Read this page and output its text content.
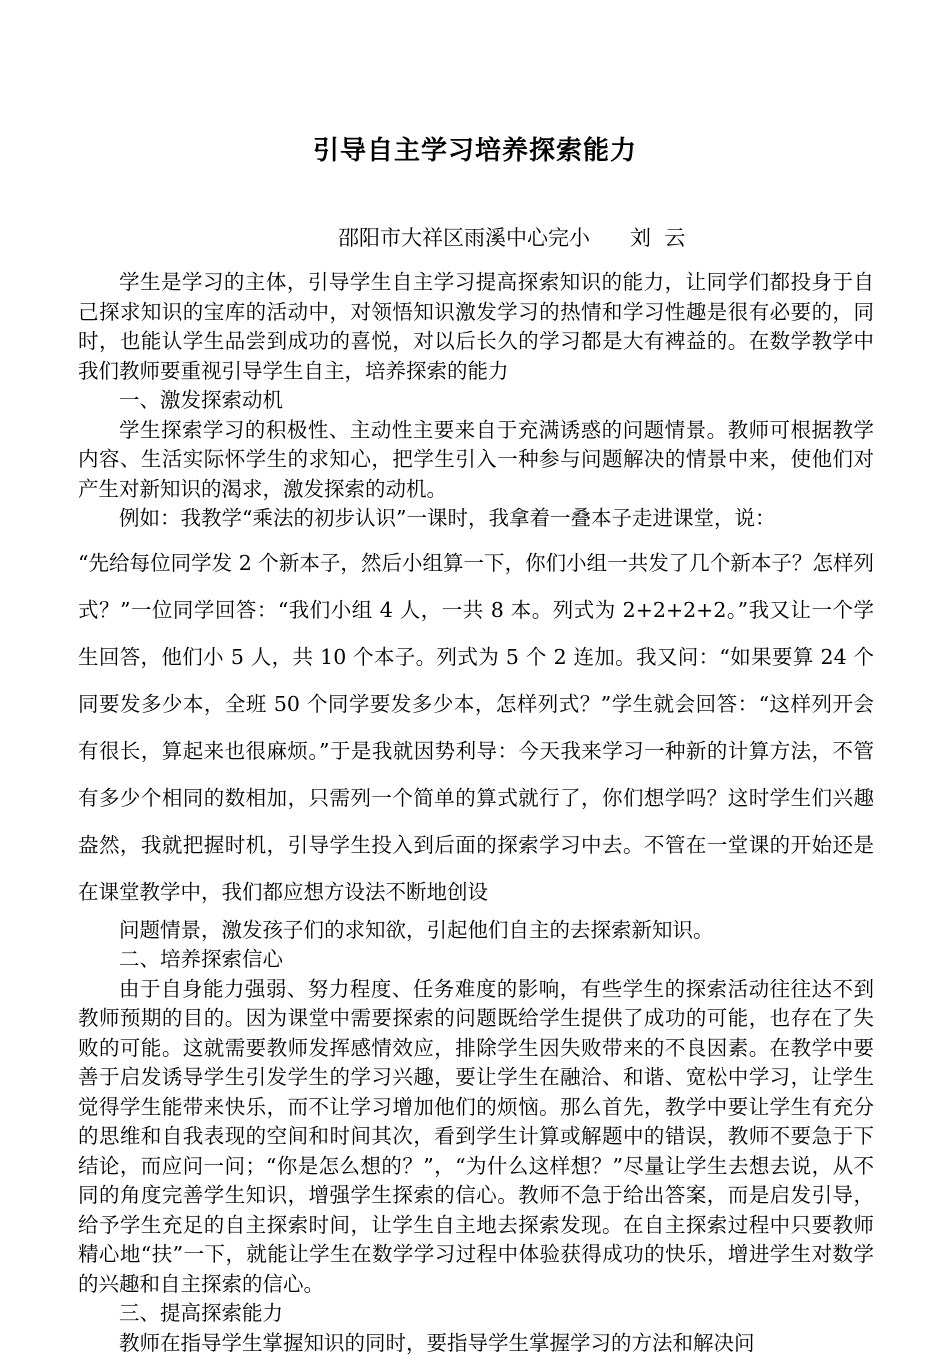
引导自主学习培养探索能力
邵阳市大祥区雨溪中心完小      刘  云

学生是学习的主体，引导学生自主学习提高探索知识的能力，让同学们都投身于自己探求知识的宝库的活动中，对领悟知识激发学习的热情和学习性趣是很有必要的，同时，也能认学生品尝到成功的喜悦，对以后长久的学习都是大有裨益的。在数学教学中我们教师要重视引导学生自主，培养探索的能力

一、激发探索动机

学生探索学习的积极性、主动性主要来自于充满诱惑的问题情景。教师可根据教学内容、生活实际怀学生的求知心，把学生引入一种参与问题解决的情景中来，使他们对产生对新知识的渴求，激发探索的动机。

例如：我教学“乘法的初步认识”一课时，我拿着一叠本子走进课堂，说：

“先给每位同学发 2 个新本子，然后小组算一下，你们小组一共发了几个新本子？怎样列式？”一位同学回答：“我们小组 4 人，一共 8 本。列式为 2+2+2+2。”我又让一个学生回答，他们小 5 人，共 10 个本子。列式为 5 个 2 连加。我又问：“如果要算 24 个同要发多少本，全班 50 个同学要发多少本，怎样列式？”学生就会回答：“这样列开会有很长，算起来也很麻烦。”于是我就因势利导：今天我来学习一种新的计算方法，不管有多少个相同的数相加，只需列一个简单的算式就行了，你们想学吗？这时学生们兴趣盎然，我就把握时机，引导学生投入到后面的探索学习中去。不管在一堂课的开始还是在课堂教学中，我们都应想方设法不断地创设

问题情景，激发孩子们的求知欲，引起他们自主的去探索新知识。

二、培养探索信心

由于自身能力强弱、努力程度、任务难度的影响，有些学生的探索活动往往达不到教师预期的目的。因为课堂中需要探索的问题既给学生提供了成功的可能，也存在了失败的可能。这就需要教师发挥感情效应，排除学生因失败带来的不良因素。在教学中要善于启发诱导学生引发学生的学习兴趣，要让学生在融洽、和谐、宽松中学习，让学生觉得学生能带来快乐，而不让学习增加他们的烦恼。那么首先，教学中要让学生有充分的思维和自我表现的空间和时间其次，看到学生计算或解题中的错误，教师不要急于下结论，而应问一问；“你是怎么想的？”，“为什么这样想？”尽量让学生去想去说，从不同的角度完善学生知识，增强学生探索的信心。教师不急于给出答案，而是启发引导，给予学生充足的自主探索时间，让学生自主地去探索发现。在自主探索过程中只要教师精心地“扶”一下，就能让学生在数学学习过程中体验获得成功的快乐，增进学生对数学的兴趣和自主探索的信心。

三、提高探索能力

教师在指导学生掌握知识的同时，要指导学生掌握学习的方法和解决问
